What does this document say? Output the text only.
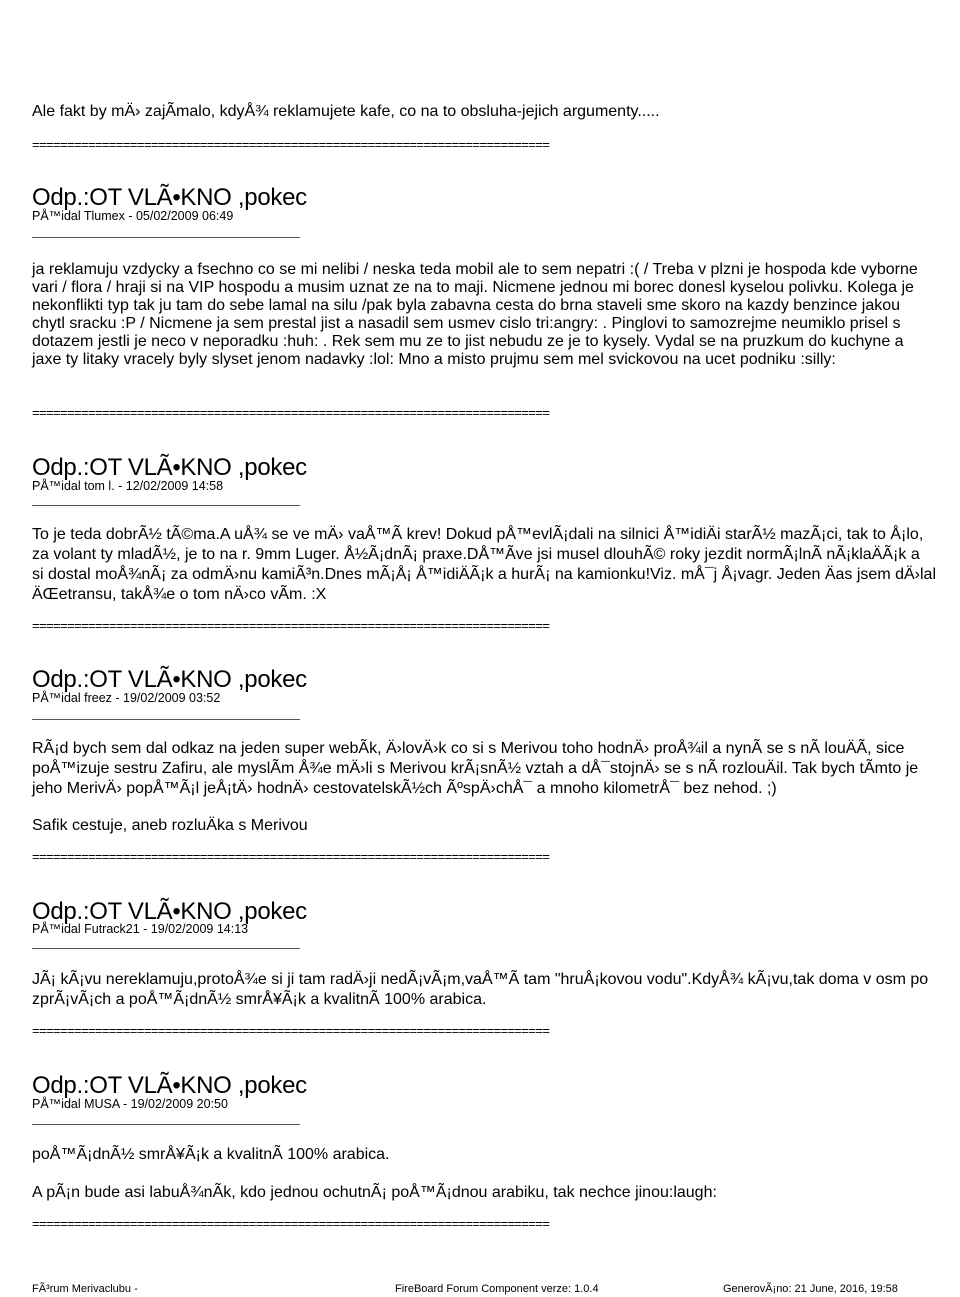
Ale fakt by mÄ› zajÃmalo, kdyÅ¾ reklamujete kafe, co na to obsluha-jejich argumenty.....
==========================================================================
Odp.:OT VLÃ•KNO ,pokec
PÅ™idal Tlumex - 05/02/2009 06:49
ja reklamuju vzdycky a fsechno co se mi nelibi / neska teda mobil ale to sem nepatri :( / Treba v plzni je hospoda kde vyborne vari / flora / hraji si na VIP hospodu a musim uznat ze na to maji. Nicmene jednou mi borec donesl kyselou polivku. Kolega je nekonflikti typ tak ju tam do sebe lamal na silu /pak byla zabavna cesta do brna staveli sme skoro na kazdy benzince jakou chytl sracku :P / Nicmene ja sem prestal jist a nasadil sem usmev cislo tri:angry: . Pinglovi to samozrejme neumiklo prisel s dotazem jestli je neco v neporadku :huh: . Rek sem mu ze to jist nebudu ze je to kysely. Vydal se na pruzkum do kuchyne a jaxe ty litaky vracely byly slyset jenom nadavky :lol: Mno a misto prujmu sem mel svickovou na ucet podniku :silly:
==========================================================================
Odp.:OT VLÃ•KNO ,pokec
PÅ™idal tom l. - 12/02/2009 14:58
To je teda dobrÃ½ tÃ©ma.A uÅ¾ se ve mÄ› vaÅ™Ã krev! Dokud pÅ™evlÃ¡dali na silnici Å™idiÄi starÃ½ mazÃ¡ci, tak to Å¡lo,
za volant ty mladÃ½, je to na r. 9mm Luger. Å½Ã¡dnÃ¡ praxe.DÅ™Ãve jsi musel dlouhÃ© roky jezdit normÃ¡lnÃ nÃ¡klaÄÃ¡k a
si dostal moÅ¾nÃ¡ za odmÄ›nu kamiÃ³n.Dnes mÃ¡Å¡ Å™idiÄÃ¡k a hurÃ¡ na kamionku!Viz. mÅ¯j Å¡vagr. Jeden Äas jsem dÄ›lal
ÄŒetransu, takÅ¾e o tom nÄ›co vÃm. :X
==========================================================================
Odp.:OT VLÃ•KNO ,pokec
PÅ™idal freez - 19/02/2009 03:52
RÃ¡d bych sem dal odkaz na jeden super webÃk, Ä›lovÄ›k co si s Merivou toho hodnÄ› proÅ¾il a nynÃ se s nÃ louÄÃ, sice
poÅ™izuje sestru Zafiru, ale myslÃm Å¾e mÄ›li s Merivou krÃ¡snÃ½ vztah a dÅ¯stojnÄ› se s nÃ rozlouÄil. Tak bych tÃmto je
jeho MerivÄ› popÅ™Ã¡l jeÅ¡tÄ› hodnÄ› cestovatelskÃ½ch ÃºspÄ›chÅ¯ a mnoho kilometrÅ¯ bez nehod. ;)
Safik cestuje, aneb rozluÄka s Merivou
==========================================================================
Odp.:OT VLÃ•KNO ,pokec
PÅ™idal Futrack21 - 19/02/2009 14:13
JÃ¡ kÃ¡vu nereklamuju,protoÅ¾e si ji tam radÄ›ji nedÃ¡vÃ¡m,vaÅ™Ã tam "hruÅ¡kovou vodu".KdyÅ¾ kÃ¡vu,tak doma v osm po
zprÃ¡vÃ¡ch a poÅ™Ã¡dnÃ½ smrÅ¥Ã¡k a kvalitnÃ 100% arabica.
==========================================================================
Odp.:OT VLÃ•KNO ,pokec
PÅ™idal MUSA - 19/02/2009 20:50
poÅ™Ã¡dnÃ½ smrÅ¥Ã¡k a kvalitnÃ 100% arabica.
A pÃ¡n bude asi labuÅ¾nÃk, kdo jednou ochutnÃ¡ poÅ™Ã¡dnou arabiku, tak nechce jinou:laugh:
==========================================================================
FÃ³rum Merivaclubu -	FireBoard Forum Component verze: 1.0.4	GenerovÃ¡no: 21 June, 2016, 19:58
